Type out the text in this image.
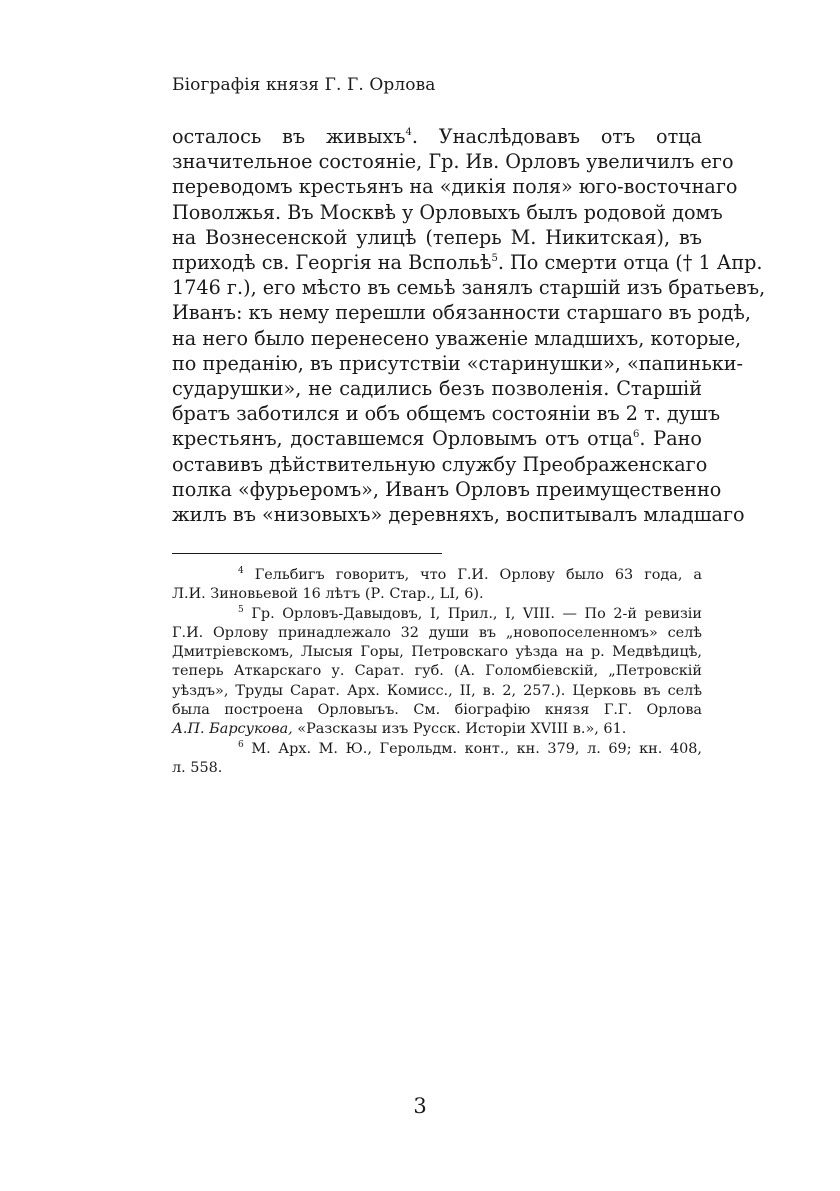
Біографія князя Г. Г. Орлова
осталось въ живыхъ$^4$. Унаслѣдовавъ отъ отца
значительное состояніе, Гр. Ив. Орловъ увеличилъ его
переводомъ крестьянъ на «дикія поля» юго-восточнаго
Поволжья. Въ Москвѣ у Орловыхъ былъ родовой домъ
на Вознесенской улицѣ (теперь М. Никитская), въ
приходѣ св. Георгія на Вспольѣ$^5$. По смерти отца († 1 Апр.
1746 г.), его мѣсто въ семьѣ занялъ старшій изъ братьевъ,
Иванъ: къ нему перешли обязанности старшаго въ родѣ,
на него было перенесено уваженіе младшихъ, которые,
по преданію, въ присутствіи «старинушки», «папиньки-
сударушки», не садились безъ позволенія. Старшій
братъ заботился и объ общемъ состояніи въ 2 т. душъ
крестьянъ, доставшемся Орловымъ отъ отца$^6$. Рано
оставивъ дѣйствительную службу Преображенскаго
полка «фурьеромъ», Иванъ Орловъ преимущественно
жилъ въ «низовыхъ» деревняхъ, воспитывалъ младшаго
$^4$ Гельбигъ говоритъ, что Г.И. Орлову было 63 года, а
Л.И. Зиновьевой 16 лѣтъ (Р. Стар., LI, 6).
$^5$ Гр. Орловъ-Давыдовъ, I, Прил., I, VIII. — По 2-й ревизіи
Г.И. Орлову принадлежало 32 души въ „новопоселенномъ» селѣ
Дмитріевскомъ, Лысыя Горы, Петровскаго уѣзда на р. Медвѣдицѣ,
теперь Аткарскаго у. Сарат. губ. (А. Голомбіевскій, „Петровскій
уѣздъ», Труды Сарат. Арх. Комисс., II, в. 2, 257.). Церковь въ селѣ
была построена Орловыъъ. См. біографію князя Г.Г. Орлова
А.П. Барсукова, «Разсказы изъ Русск. Исторіи XVIII в.», 61.
$^6$ М. Арх. М. Ю., Герольдм. конт., кн. 379, л. 69; кн. 408,
л. 558.
3
